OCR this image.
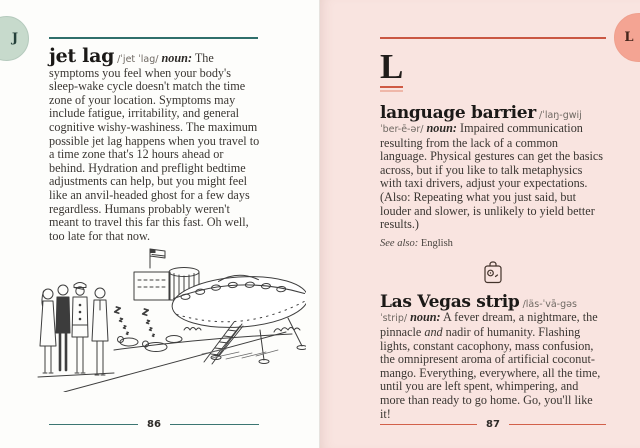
J

jet lag /ˈjet ˈlag/ noun: The symptoms you feel when your body's sleep-wake cycle doesn't match the time zone of your location. Symptoms may include fatigue, irritability, and general cognitive wishy-washiness. The maximum possible jet lag happens when you travel to a time zone that's 12 hours ahead or behind. Hydration and preflight bedtime adjustments can help, but you might feel like an anvil-headed ghost for a few days regardless. Humans probably weren't meant to travel this far this fast. Oh well, too late for that now.

Z
z
z
z
Z
z
z
z
86
L
L

language barrier /ˈlaŋ-gwij ˈber-ē-ər/ noun: Impaired communication resulting from the lack of a common language. Physical gestures can get the basics across, but if you like to talk metaphysics with taxi drivers, adjust your expectations. (Also: Repeating what you just said, but louder and slower, is unlikely to yield better results.)

See also: English

Las Vegas strip /läs-ˈvā-gəs ˈstrip/ noun: A fever dream, a nightmare, the pinnacle and nadir of humanity. Flashing lights, constant cacophony, mass confusion, the omnipresent aroma of artificial coconut-mango. Everything, everywhere, all the time, until you are left spent, whimpering, and more than ready to go home. Go, you'll like it!

87
